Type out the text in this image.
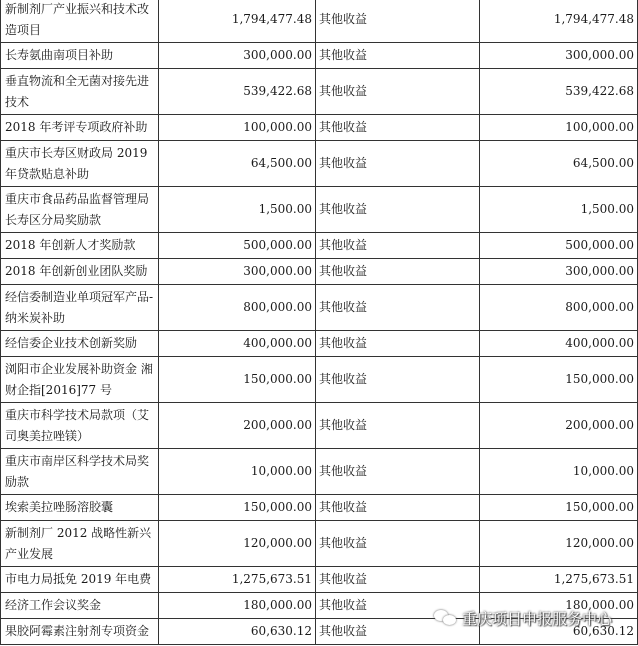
新制剂厂产业振兴和技术改造项目	1,794,477.48	其他收益	1,794,477.48
长寿氨曲南项目补助	300,000.00	其他收益	300,000.00
垂直物流和全无菌对接先进技术	539,422.68	其他收益	539,422.68
2018 年考评专项政府补助	100,000.00	其他收益	100,000.00
重庆市长寿区财政局 2019 年贷款贴息补助	64,500.00	其他收益	64,500.00
重庆市食品药品监督管理局长寿区分局奖励款	1,500.00	其他收益	1,500.00
2018 年创新人才奖励款	500,000.00	其他收益	500,000.00
2018 年创新创业团队奖励	300,000.00	其他收益	300,000.00
经信委制造业单项冠军产品-纳米炭补助	800,000.00	其他收益	800,000.00
经信委企业技术创新奖励	400,000.00	其他收益	400,000.00
浏阳市企业发展补助资金 湘财企指[2016]77 号	150,000.00	其他收益	150,000.00
重庆市科学技术局款项（艾司奥美拉唑镁）	200,000.00	其他收益	200,000.00
重庆市南岸区科学技术局奖励款	10,000.00	其他收益	10,000.00
埃索美拉唑肠溶胶囊	150,000.00	其他收益	150,000.00
新制剂厂 2012 战略性新兴产业发展	120,000.00	其他收益	120,000.00
市电力局抵免 2019 年电费	1,275,673.51	其他收益	1,275,673.51
经济工作会议奖金	180,000.00	其他收益	180,000.00
果胶阿霉素注射剂专项资金	60,630.12	其他收益	60,630.12
重庆项目申报服务中心
